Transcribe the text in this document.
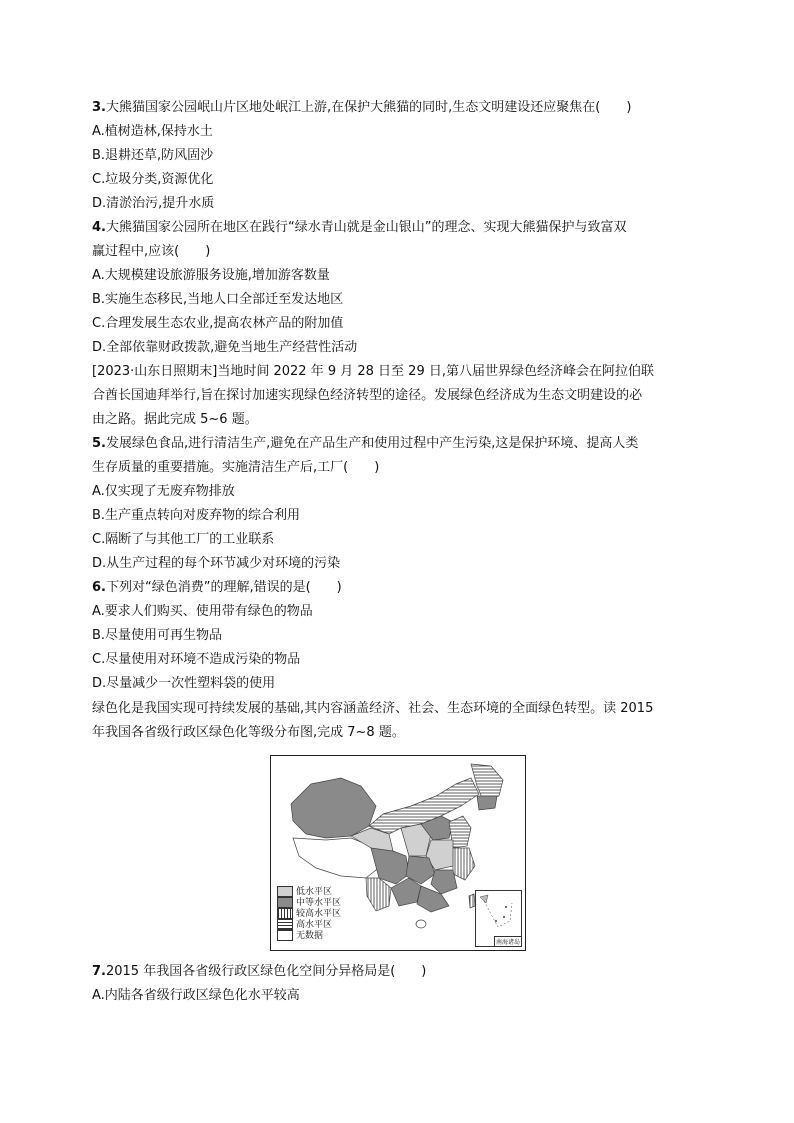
3.大熊猫国家公园岷山片区地处岷江上游,在保护大熊猫的同时,生态文明建设还应聚焦在(　　)
A.植树造林,保持水土
B.退耕还草,防风固沙
C.垃圾分类,资源优化
D.清淤治污,提升水质
4.大熊猫国家公园所在地区在践行“绿水青山就是金山银山”的理念、实现大熊猫保护与致富双
赢过程中,应该(　　)
A.大规模建设旅游服务设施,增加游客数量
B.实施生态移民,当地人口全部迁至发达地区
C.合理发展生态农业,提高农林产品的附加值
D.全部依靠财政拨款,避免当地生产经营性活动
[2023·山东日照期末]当地时间 2022 年 9 月 28 日至 29 日,第八届世界绿色经济峰会在阿拉伯联
合酋长国迪拜举行,旨在探讨加速实现绿色经济转型的途径。发展绿色经济成为生态文明建设的必
由之路。据此完成 5~6 题。
5.发展绿色食品,进行清洁生产,避免在产品生产和使用过程中产生污染,这是保护环境、提高人类
生存质量的重要措施。实施清洁生产后,工厂(　　)
A.仅实现了无废弃物排放
B.生产重点转向对废弃物的综合利用
C.隔断了与其他工厂的工业联系
D.从生产过程的每个环节减少对环境的污染
6.下列对“绿色消费”的理解,错误的是(　　)
A.要求人们购买、使用带有绿色的物品
B.尽量使用可再生物品
C.尽量使用对环境不造成污染的物品
D.尽量减少一次性塑料袋的使用
绿色化是我国实现可持续发展的基础,其内容涵盖经济、社会、生态环境的全面绿色转型。读 2015
年我国各省级行政区绿色化等级分布图,完成 7~8 题。
低水平区
中等水平区
较高水平区
高水平区
无数据
南海诸岛
7.2015 年我国各省级行政区绿色化空间分异格局是(　　)
A.内陆各省级行政区绿色化水平较高
